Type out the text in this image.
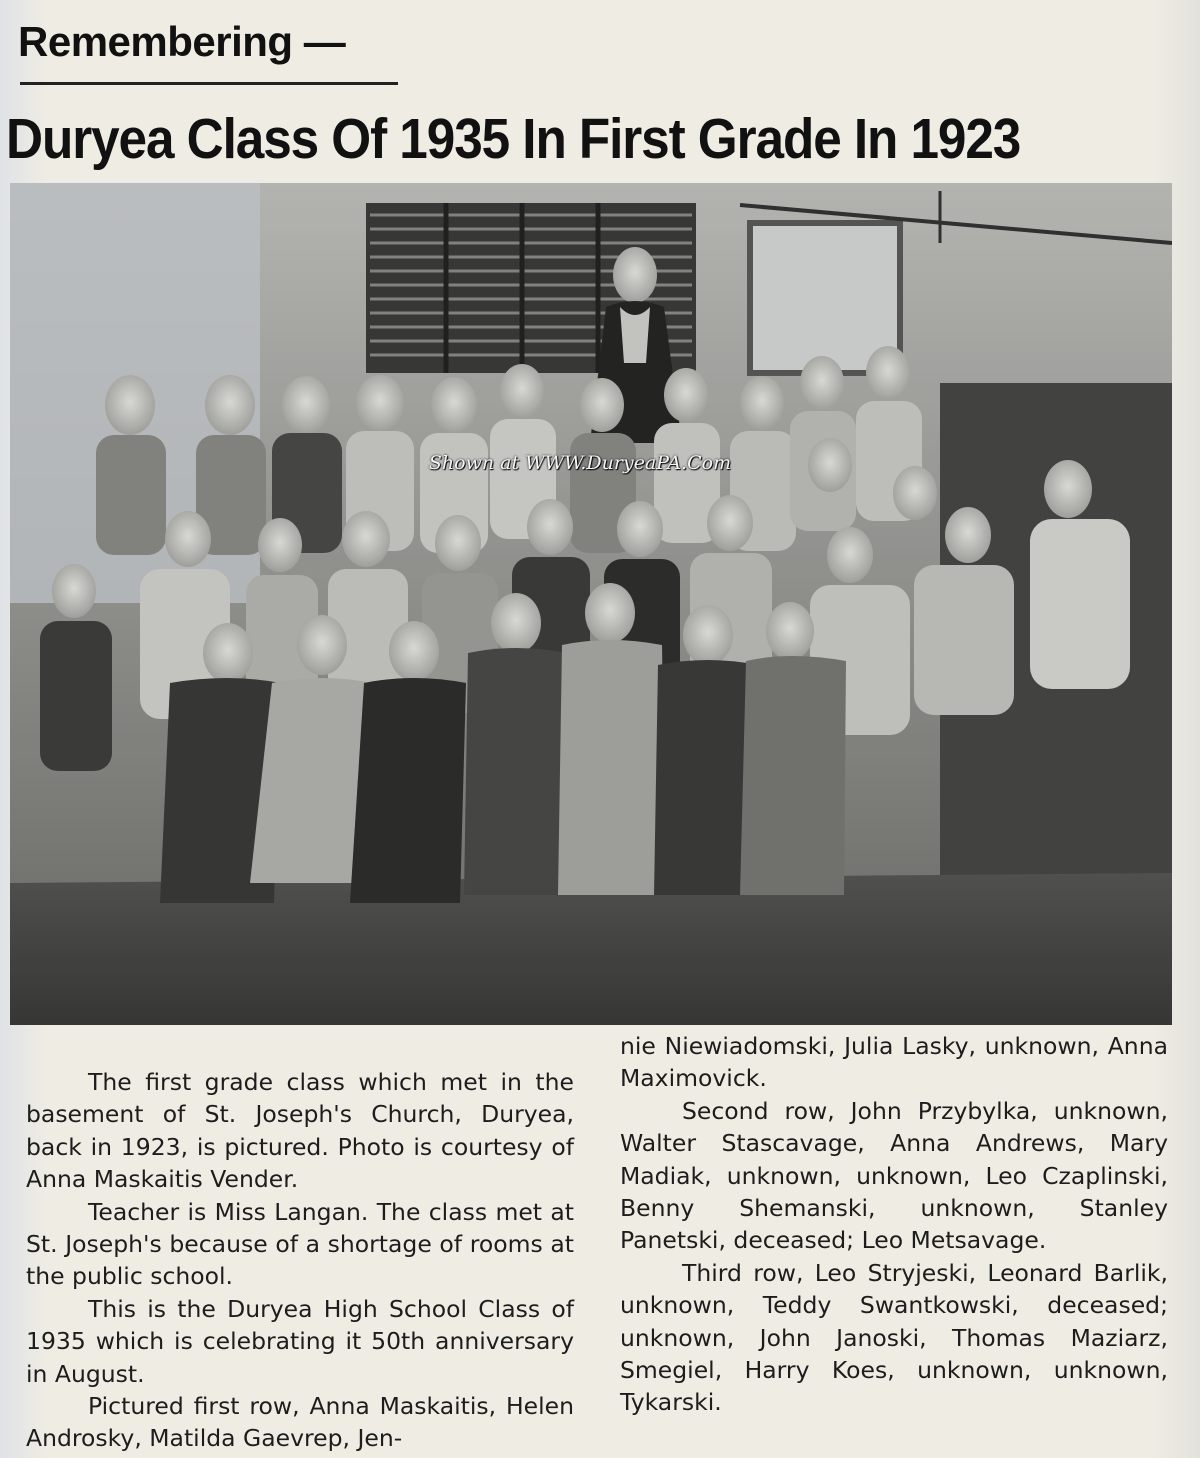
Remembering —
Duryea Class Of 1935 In First Grade In 1923
Shown at WWW.DuryeaPA.Com

The first grade class which met in the basement of St. Joseph's Church, Duryea, back in 1923, is pictured. Photo is courtesy of Anna Maskaitis Vender.

Teacher is Miss Langan. The class met at St. Joseph's because of a shortage of rooms at the public school.

This is the Duryea High School Class of 1935 which is celebrating it 50th anniversary in August.

Pictured first row, Anna Maskaitis, Helen Androsky, Matilda Gaevrep, Jen-

nie Niewiadomski, Julia Lasky, unknown, Anna Maximovick.

Second row, John Przybylka, unknown, Walter Stascavage, Anna Andrews, Mary Madiak, unknown, unknown, Leo Czaplinski, Benny Shemanski, unknown, Stanley Panetski, deceased; Leo Metsavage.

Third row, Leo Stryjeski, Leonard Barlik, unknown, Teddy Swantkowski, deceased; unknown, John Janoski, Thomas Maziarz, Smegiel, Harry Koes, unknown, unknown, Tykarski.
